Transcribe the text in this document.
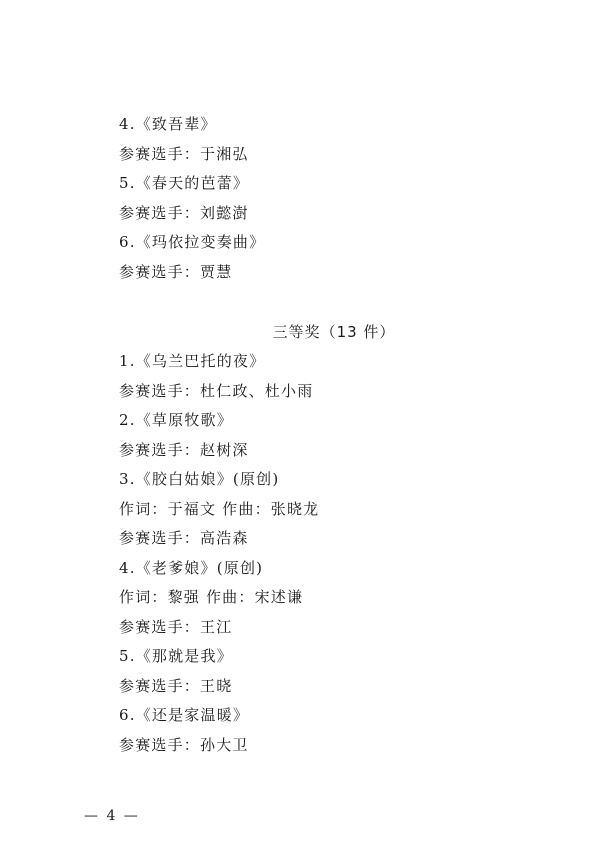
4.《致吾辈》
参赛选手：于湘弘
5.《春天的芭蕾》
参赛选手：刘懿澍
6.《玛依拉变奏曲》
参赛选手：贾慧
三等奖（13 件）
1.《乌兰巴托的夜》
参赛选手：杜仁政、杜小雨
2.《草原牧歌》
参赛选手：赵树深
3.《胶白姑娘》(原创)
作词：于福文 作曲：张晓龙
参赛选手：高浩森
4.《老爹娘》(原创)
作词：黎强 作曲：宋述谦
参赛选手：王江
5.《那就是我》
参赛选手：王晓
6.《还是家温暖》
参赛选手：孙大卫
— 4 —
